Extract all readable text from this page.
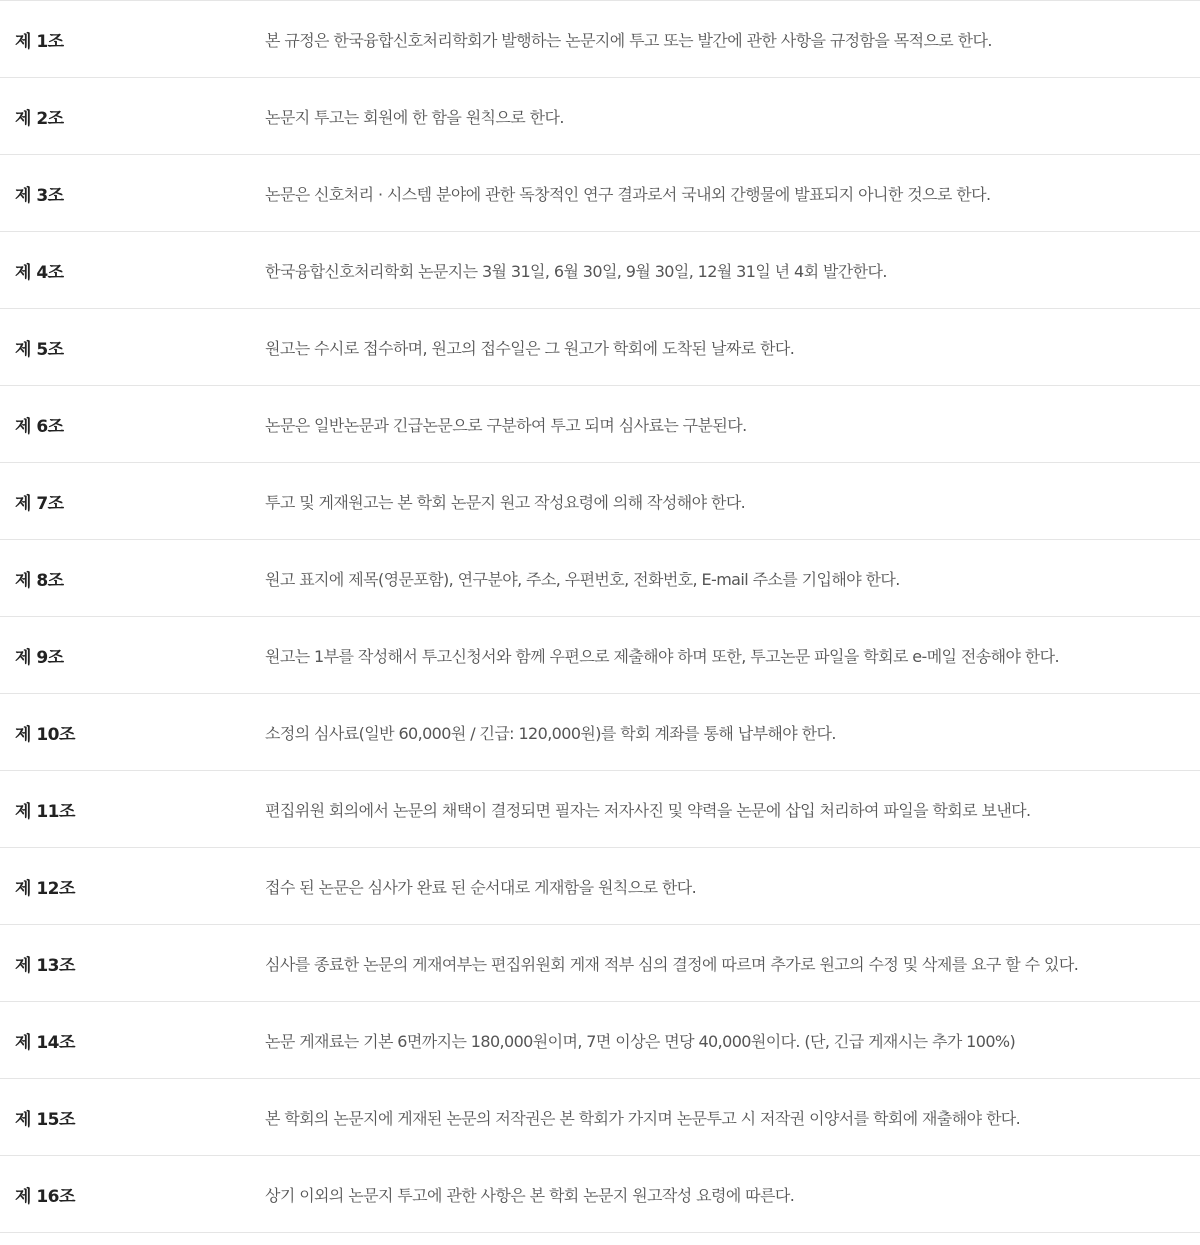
제 1조	본 규정은 한국융합신호처리학회가 발행하는 논문지에 투고 또는 발간에 관한 사항을 규정함을 목적으로 한다.
제 2조	논문지 투고는 회원에 한 함을 원칙으로 한다.
제 3조	논문은 신호처리 · 시스템 분야에 관한 독창적인 연구 결과로서 국내외 간행물에 발표되지 아니한 것으로 한다.
제 4조	한국융합신호처리학회 논문지는 3월 31일, 6월 30일, 9월 30일, 12월 31일 년 4회 발간한다.
제 5조	원고는 수시로 접수하며, 원고의 접수일은 그 원고가 학회에 도착된 날짜로 한다.
제 6조	논문은 일반논문과 긴급논문으로 구분하여 투고 되며 심사료는 구분된다.
제 7조	투고 및 게재원고는 본 학회 논문지 원고 작성요령에 의해 작성해야 한다.
제 8조	원고 표지에 제목(영문포함), 연구분야, 주소, 우편번호, 전화번호, E-mail 주소를 기입해야 한다.
제 9조	원고는 1부를 작성해서 투고신청서와 함께 우편으로 제출해야 하며 또한, 투고논문 파일을 학회로 e-메일 전송해야 한다.
제 10조	소정의 심사료(일반 60,000원 / 긴급: 120,000원)를 학회 계좌를 통해 납부해야 한다.
제 11조	편집위원 회의에서 논문의 채택이 결정되면 필자는 저자사진 및 약력을 논문에 삽입 처리하여 파일을 학회로 보낸다.
제 12조	접수 된 논문은 심사가 완료 된 순서대로 게재함을 원칙으로 한다.
제 13조	심사를 종료한 논문의 게재여부는 편집위원회 게재 적부 심의 결정에 따르며 추가로 원고의 수정 및 삭제를 요구 할 수 있다.
제 14조	논문 게재료는 기본 6면까지는 180,000원이며, 7면 이상은 면당 40,000원이다. (단, 긴급 게재시는 추가 100%)
제 15조	본 학회의 논문지에 게재된 논문의 저작권은 본 학회가 가지며 논문투고 시 저작권 이양서를 학회에 재출해야 한다.
제 16조	상기 이외의 논문지 투고에 관한 사항은 본 학회 논문지 원고작성 요령에 따른다.
